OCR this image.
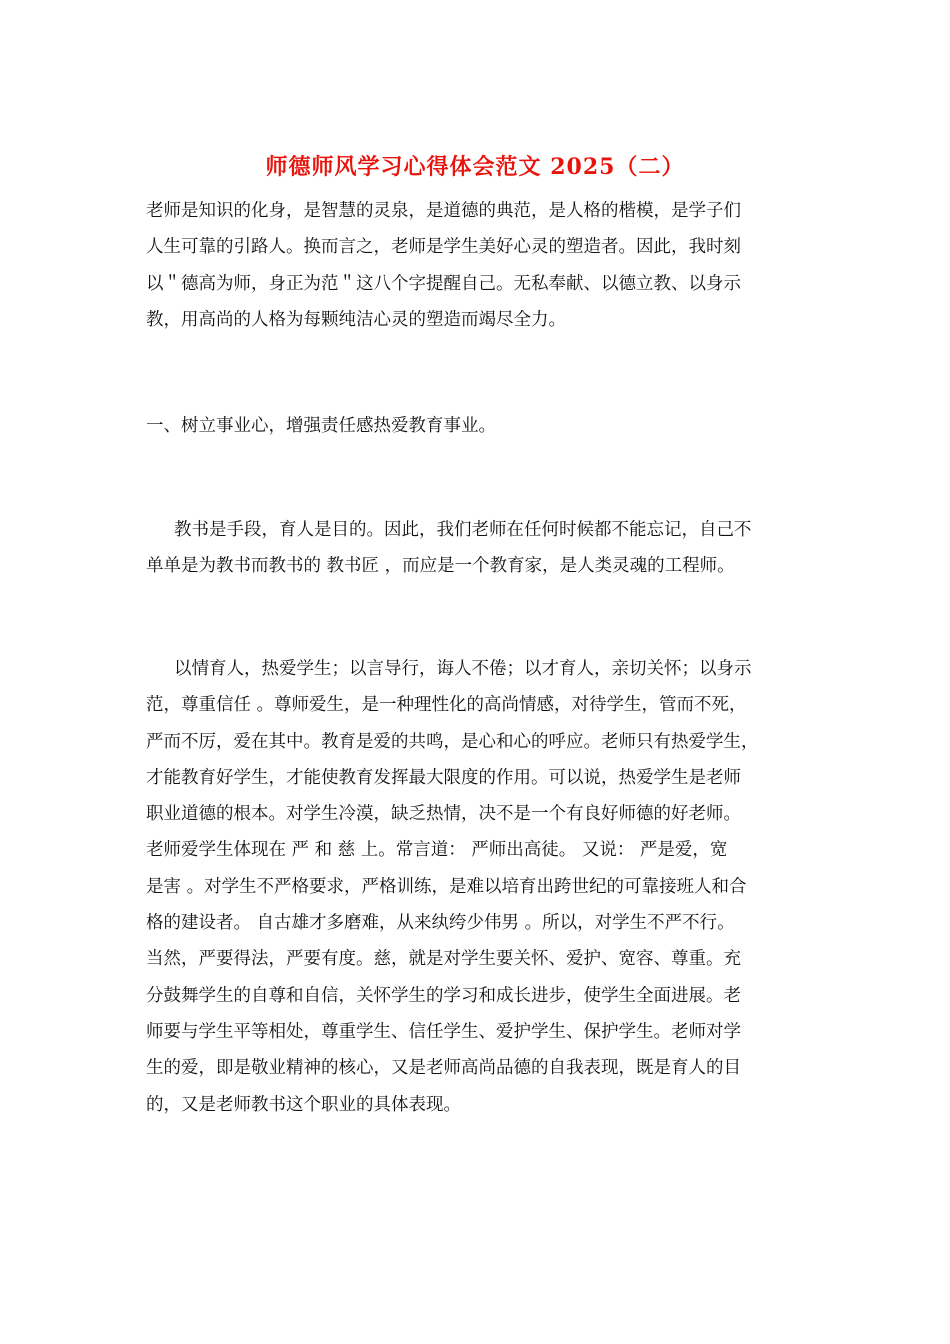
师德师风学习心得体会范文 2025（二）
老师是知识的化身，是智慧的灵泉，是道德的典范，是人格的楷模，是学子们
人生可靠的引路人。换而言之，老师是学生美好心灵的塑造者。因此，我时刻
以＂德高为师，身正为范＂这八个字提醒自己。无私奉献、以德立教、以身示
教，用高尚的人格为每颗纯洁心灵的塑造而竭尽全力。
一、树立事业心，增强责任感热爱教育事业。
教书是手段，育人是目的。因此，我们老师在任何时候都不能忘记，自己不
单单是为教书而教书的 教书匠 ，而应是一个教育家，是人类灵魂的工程师。
以情育人，热爱学生；以言导行，诲人不倦；以才育人，亲切关怀；以身示
范，尊重信任 。尊师爱生，是一种理性化的高尚情感，对待学生，管而不死，
严而不厉，爱在其中。教育是爱的共鸣，是心和心的呼应。老师只有热爱学生，
才能教育好学生，才能使教育发挥最大限度的作用。可以说，热爱学生是老师
职业道德的根本。对学生冷漠，缺乏热情，决不是一个有良好师德的好老师。
老师爱学生体现在 严 和 慈 上。常言道： 严师出高徒。 又说： 严是爱，宽
是害 。对学生不严格要求，严格训练，是难以培育出跨世纪的可靠接班人和合
格的建设者。 自古雄才多磨难，从来纨绔少伟男 。所以，对学生不严不行。
当然，严要得法，严要有度。慈，就是对学生要关怀、爱护、宽容、尊重。充
分鼓舞学生的自尊和自信，关怀学生的学习和成长进步，使学生全面进展。老
师要与学生平等相处，尊重学生、信任学生、爱护学生、保护学生。老师对学
生的爱，即是敬业精神的核心，又是老师高尚品德的自我表现，既是育人的目
的，又是老师教书这个职业的具体表现。
